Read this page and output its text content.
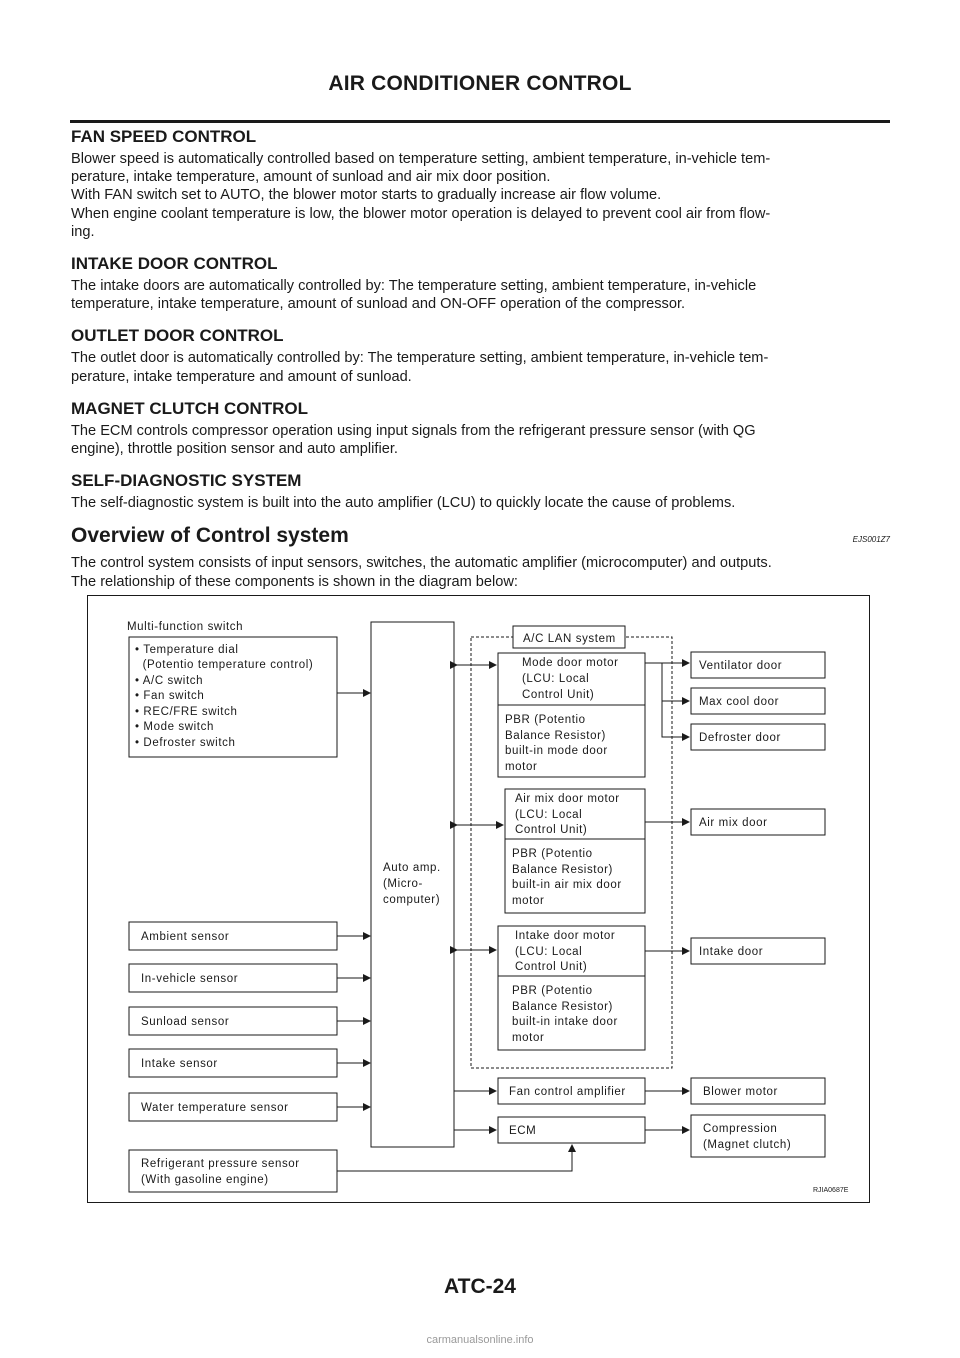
AIR CONDITIONER CONTROL
FAN SPEED CONTROL

Blower speed is automatically controlled based on temperature setting, ambient temperature, in-vehicle tem-
perature, intake temperature, amount of sunload and air mix door position.
With FAN switch set to AUTO, the blower motor starts to gradually increase air flow volume.
When engine coolant temperature is low, the blower motor operation is delayed to prevent cool air from flow-
ing.

INTAKE DOOR CONTROL

The intake doors are automatically controlled by: The temperature setting, ambient temperature, in-vehicle
temperature, intake temperature, amount of sunload and ON-OFF operation of the compressor.

OUTLET DOOR CONTROL

The outlet door is automatically controlled by: The temperature setting, ambient temperature, in-vehicle tem-
perature, intake temperature and amount of sunload.

MAGNET CLUTCH CONTROL

The ECM controls compressor operation using input signals from the refrigerant pressure sensor (with QG
engine), throttle position sensor and auto amplifier.

SELF-DIAGNOSTIC SYSTEM

The self-diagnostic system is built into the auto amplifier (LCU) to quickly locate the cause of problems.

Overview of Control system	EJS001Z7

The control system consists of input sensors, switches, the automatic amplifier (microcomputer) and outputs.
The relationship of these components is shown in the diagram below:

Multi-function switch
• Temperature dial
(Potentio temperature control)
• A/C switch
• Fan switch
• REC/FRE switch
• Mode switch
• Defroster switch
Ambient sensor
In-vehicle sensor
Sunload sensor
Intake sensor
Water temperature sensor
Refrigerant pressure sensor
(With gasoline engine)
Auto amp.
(Micro-
computer)
A/C LAN system
Mode door motor
(LCU: Local
Control Unit)
PBR (Potentio
Balance Resistor)
built-in mode door
motor
Air mix door motor
(LCU: Local
Control Unit)
PBR (Potentio
Balance Resistor)
built-in air mix door
motor
Intake door motor
(LCU: Local
Control Unit)
PBR (Potentio
Balance Resistor)
built-in intake door
motor
Fan control amplifier
ECM
Ventilator door
Max cool door
Defroster door
Air mix door
Intake door
Blower motor
Compression
(Magnet clutch)
RJIA0687E
ATC-24
carmanualsonline.info
